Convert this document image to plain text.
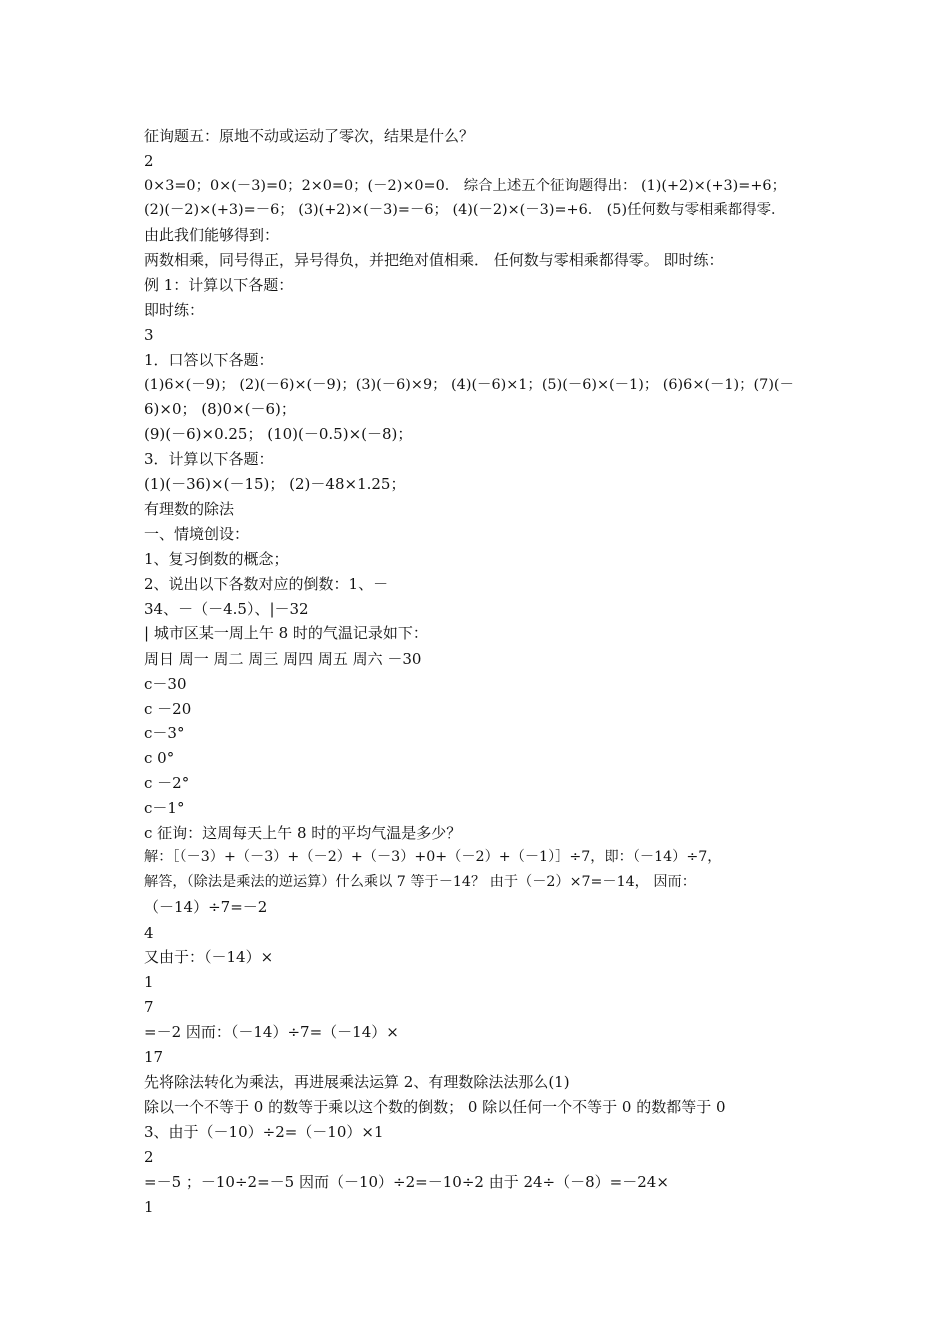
征询题五：原地不动或运动了零次，结果是什么？

2

0×3=0；0×(－3)=0；2×0=0；(－2)×0=0． 综合上述五个征询题得出： (1)(+2)×(+3)=+6；

(2)(－2)×(+3)=－6； (3)(+2)×(－3)=－6； (4)(－2)×(－3)=+6． (5)任何数与零相乘都得零．

由此我们能够得到：

两数相乘，同号得正，异号得负，并把绝对值相乘． 任何数与零相乘都得零。 即时练：

例 1：计算以下各题：

即时练：

3

1．口答以下各题：

(1)6×(－9)； (2)(－6)×(－9)；(3)(－6)×9； (4)(－6)×1；(5)(－6)×(－1)； (6)6×(－1)；(7)(－

6)×0； (8)0×(－6)；

(9)(－6)×0.25； (10)(－0.5)×(－8)；

3．计算以下各题：

(1)(－36)×(－15)； (2)－48×1.25；

有理数的除法

一、情境创设：

1、复习倒数的概念；

2、说出以下各数对应的倒数：1、－

34、－（－4.5）、|－32

| 城市区某一周上午 8 时的气温记录如下：

周日 周一 周二 周三 周四 周五 周六 －30

c－30

c －20

c－3°

c 0°

c －2°

c－1°

c 征询：这周每天上午 8 时的平均气温是多少？

解：［（－3）+（－3）+（－2）+（－3）+0+（－2）+（－1）］÷7，即：（－14）÷7，

解答，（除法是乘法的逆运算）什么乘以 7 等于－14？ 由于（－2）×7=－14， 因而：

（－14）÷7=－2

4

又由于：（－14）×

1

7

=－2 因而：（－14）÷7=（－14）×

17

先将除法转化为乘法，再进展乘法运算 2、有理数除法法那么(1)

除以一个不等于 0 的数等于乘以这个数的倒数； 0 除以任何一个不等于 0 的数都等于 0

3、由于（－10）÷2=（－10）×1

2

=－5 ；－10÷2=－5 因而（－10）÷2=－10÷2 由于 24÷（－8）=－24×

1
